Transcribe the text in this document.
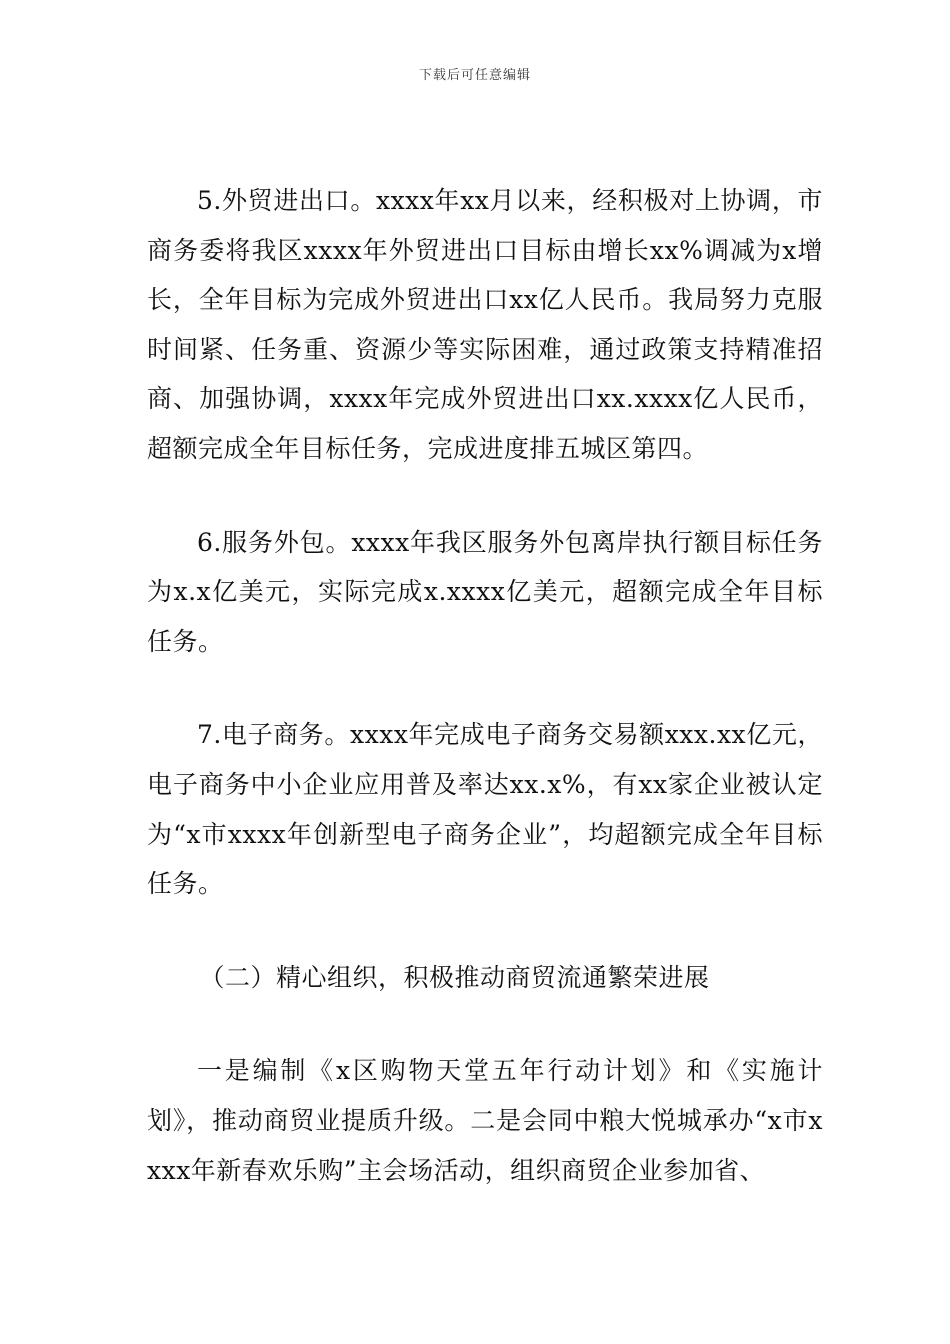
下载后可任意编辑

5.外贸进出口。xxxx年xx月以来，经积极对上协调，市商务委将我区xxxx年外贸进出口目标由增长xx%调减为x增长，全年目标为完成外贸进出口xx亿人民币。我局努力克服时间紧、任务重、资源少等实际困难，通过政策支持精准招商、加强协调，xxxx年完成外贸进出口xx.xxxx亿人民币，超额完成全年目标任务，完成进度排五城区第四。

6.服务外包。xxxx年我区服务外包离岸执行额目标任务为x.x亿美元，实际完成x.xxxx亿美元，超额完成全年目标任务。

7.电子商务。xxxx年完成电子商务交易额xxx.xx亿元，电子商务中小企业应用普及率达xx.x%，有xx家企业被认定为“x市xxxx年创新型电子商务企业”，均超额完成全年目标任务。

（二）精心组织，积极推动商贸流通繁荣进展

一是编制《x区购物天堂五年行动计划》和《实施计划》，推动商贸业提质升级。二是会同中粮大悦城承办“x市xxxx年新春欢乐购”主会场活动，组织商贸企业参加省、
